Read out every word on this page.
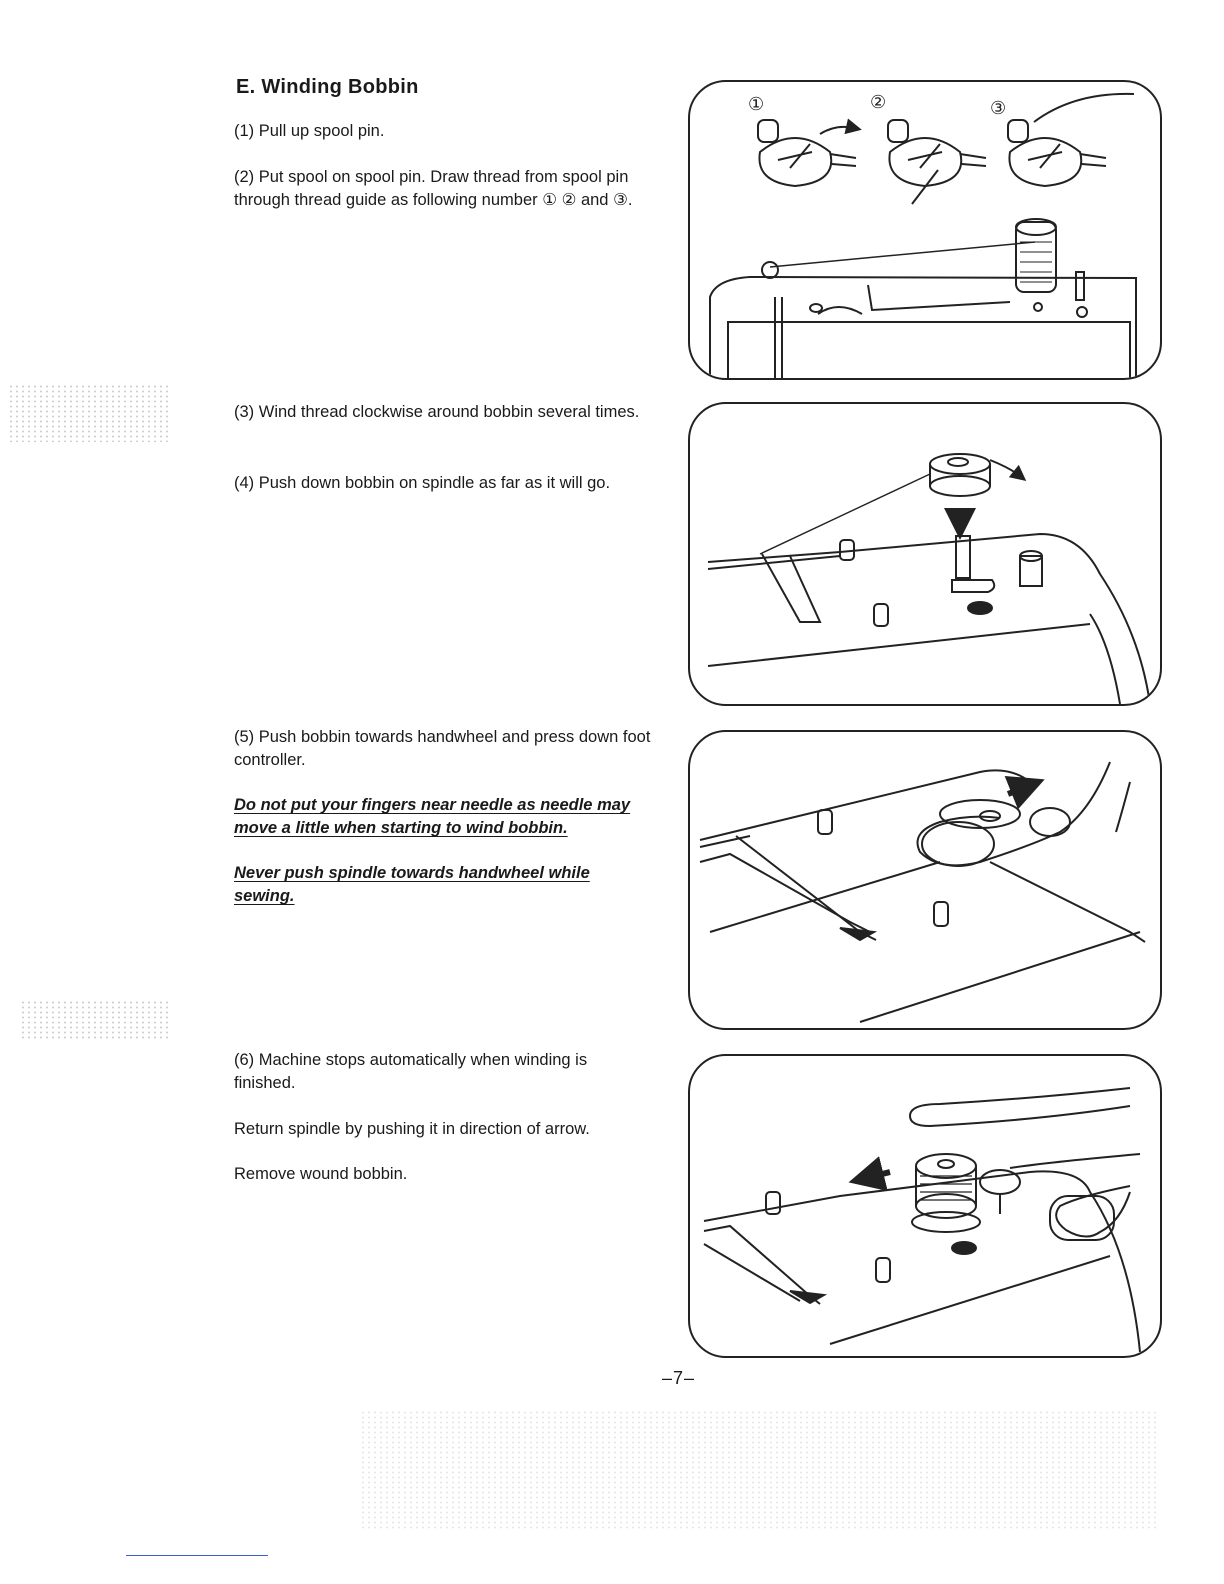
E. Winding Bobbin

(1) Pull up spool pin.

(2) Put spool on spool pin. Draw thread from spool pin through thread guide as following number ① ② and ③.

(3) Wind thread clockwise around bobbin several times.

(4) Push down bobbin on spindle as far as it will go.

(5) Push bobbin towards handwheel and press down foot controller.

Do not put your fingers near needle as needle may move a little when starting to wind bobbin.

Never push spindle towards handwheel while sewing.

(6) Machine stops automatically when winding is finished.

Return spindle by pushing it in direction of arrow.

Remove wound bobbin.

①	②	③
–7–
